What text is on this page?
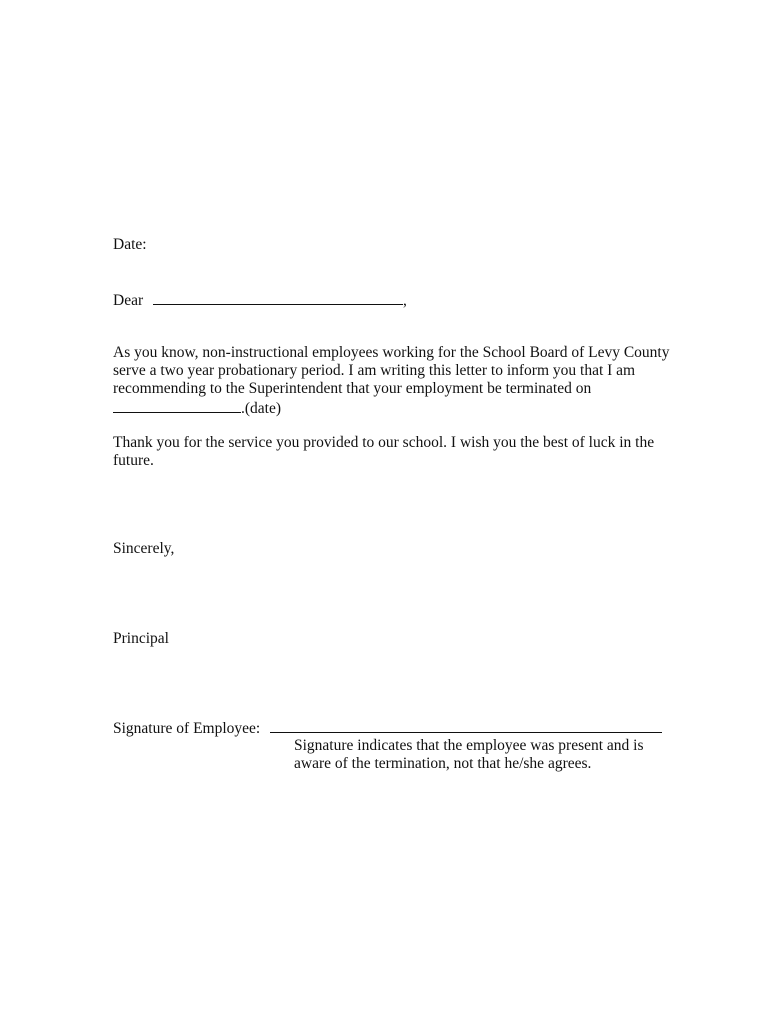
Date:
Dear	,
As you know, non-instructional employees working for the School Board of Levy County
serve a two year probationary period. I am writing this letter to inform you that I am
recommending to the Superintendent that your employment be terminated on
.(date)
Thank you for the service you provided to our school. I wish you the best of luck in the
future.
Sincerely,
Principal
Signature of Employee:
Signature indicates that the employee was present and is
aware of the termination, not that he/she agrees.
